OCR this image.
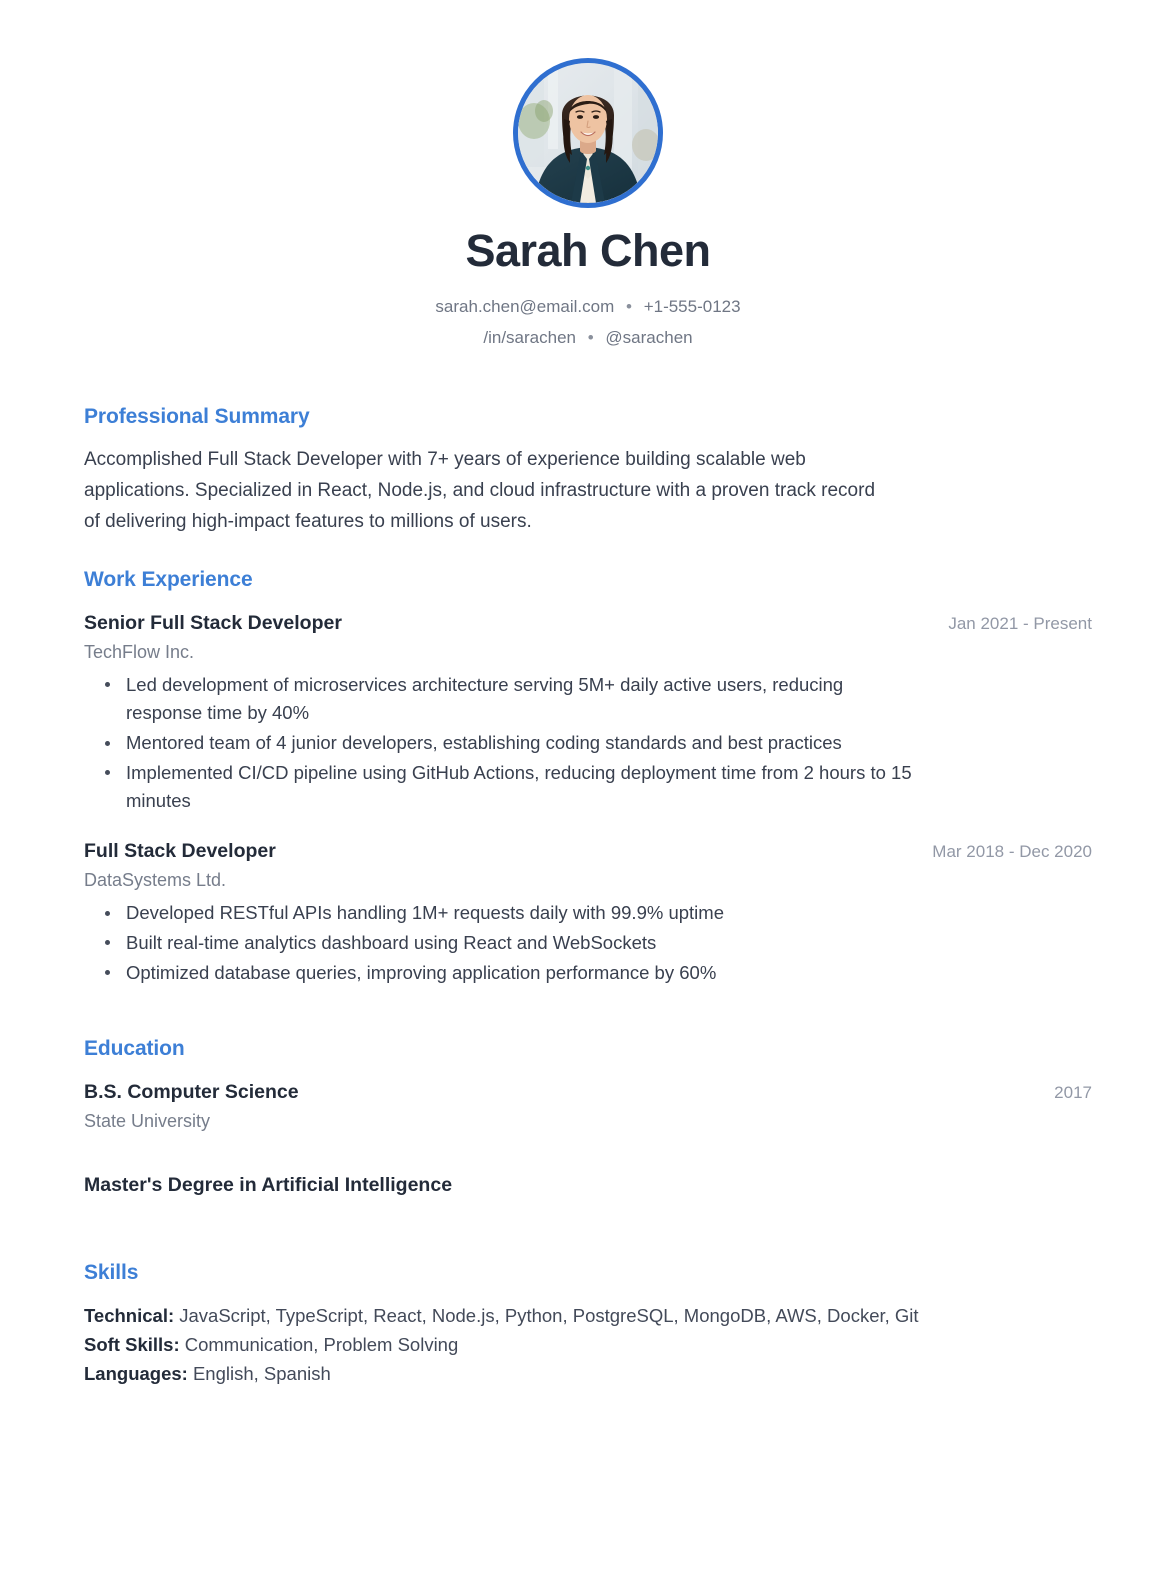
Sarah Chen
sarah.chen@email.com • +1-555-0123
/in/sarachen • @sarachen
Professional Summary

Accomplished Full Stack Developer with 7+ years of experience building scalable web applications. Specialized in React, Node.js, and cloud infrastructure with a proven track record of delivering high-impact features to millions of users.

Work Experience
Senior Full Stack Developer	Jan 2021 - Present
TechFlow Inc.
Led development of microservices architecture serving 5M+ daily active users, reducing response time by 40%
Mentored team of 4 junior developers, establishing coding standards and best practices
Implemented CI/CD pipeline using GitHub Actions, reducing deployment time from 2 hours to 15 minutes
Full Stack Developer	Mar 2018 - Dec 2020
DataSystems Ltd.
Developed RESTful APIs handling 1M+ requests daily with 99.9% uptime
Built real-time analytics dashboard using React and WebSockets
Optimized database queries, improving application performance by 60%
Education
B.S. Computer Science	2017
State University
Master's Degree in Artificial Intelligence
Skills
Technical: JavaScript, TypeScript, React, Node.js, Python, PostgreSQL, MongoDB, AWS, Docker, Git
Soft Skills: Communication, Problem Solving
Languages: English, Spanish
